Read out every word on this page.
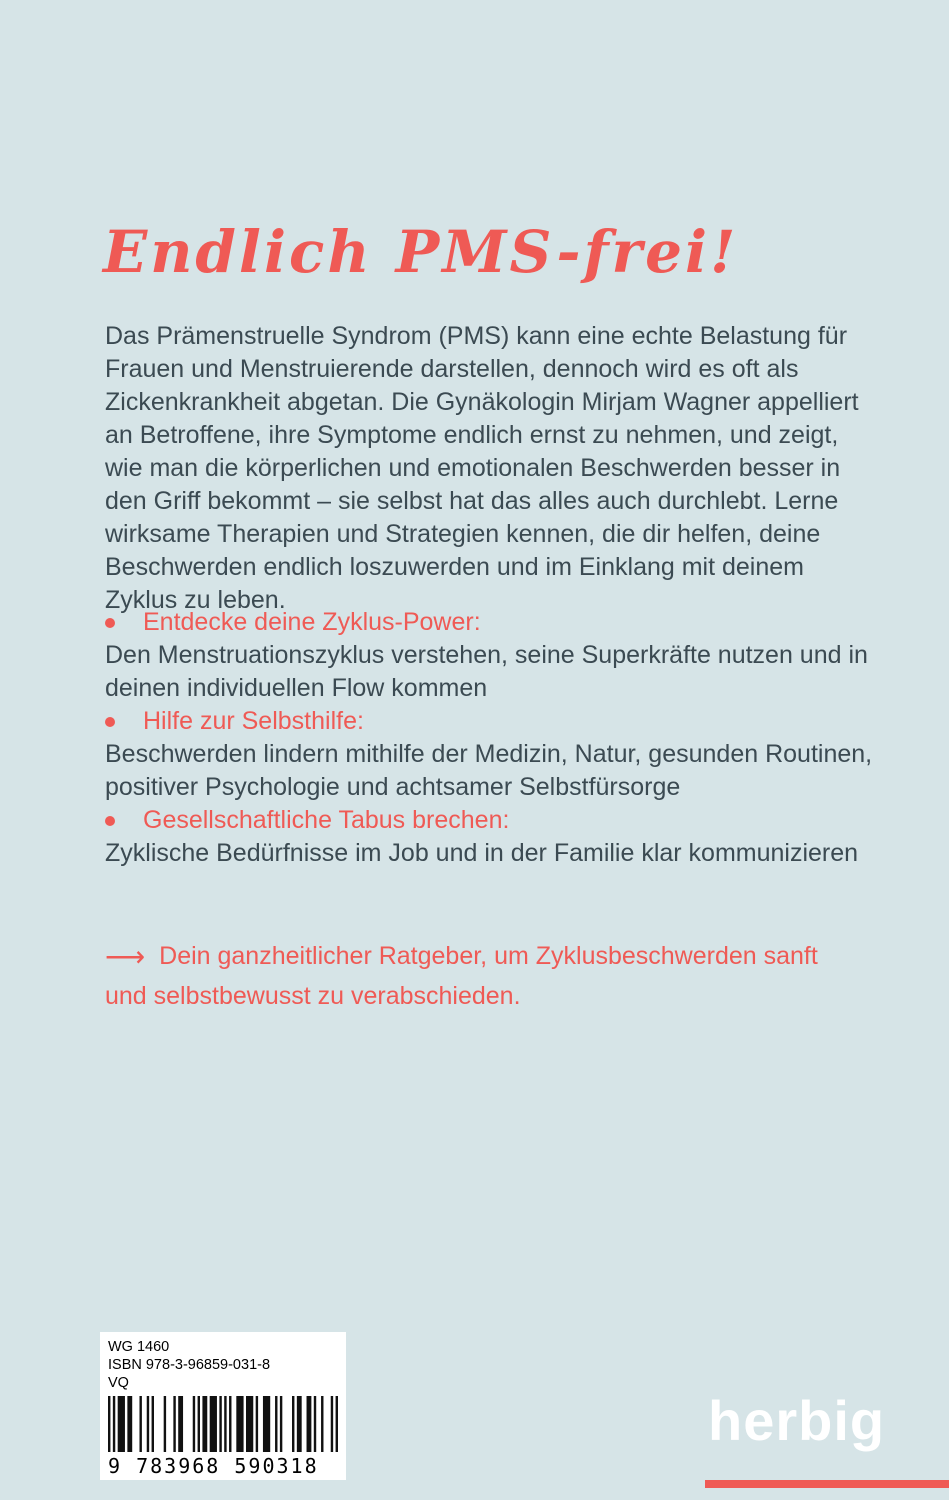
Endlich PMS-frei!
Das Prämenstruelle Syndrom (PMS) kann eine echte Belastung für Frauen und Menstruierende darstellen, dennoch wird es oft als Zickenkrankheit abgetan. Die Gynäkologin Mirjam Wagner appelliert an Betroffene, ihre Symptome endlich ernst zu nehmen, und zeigt, wie man die körperlichen und emotionalen Beschwerden besser in den Griff bekommt – sie selbst hat das alles auch durchlebt. Lerne wirksame Therapien und Strategien kennen, die dir helfen, deine Beschwerden endlich loszuwerden und im Einklang mit deinem Zyklus zu leben.
Entdecke deine Zyklus-Power:
Den Menstruationszyklus verstehen, seine Superkräfte nutzen und in deinen individuellen Flow kommen
Hilfe zur Selbsthilfe:
Beschwerden lindern mithilfe der Medizin, Natur, gesunden Routinen, positiver Psychologie und achtsamer Selbstfürsorge
Gesellschaftliche Tabus brechen:
Zyklische Bedürfnisse im Job und in der Familie klar kommunizieren
⟶ Dein ganzheitlicher Ratgeber, um Zyklusbeschwerden sanft und selbstbewusst zu verabschieden.
WG 1460
ISBN 978-3-96859-031-8
VQ
9 783968 590318
herbig
